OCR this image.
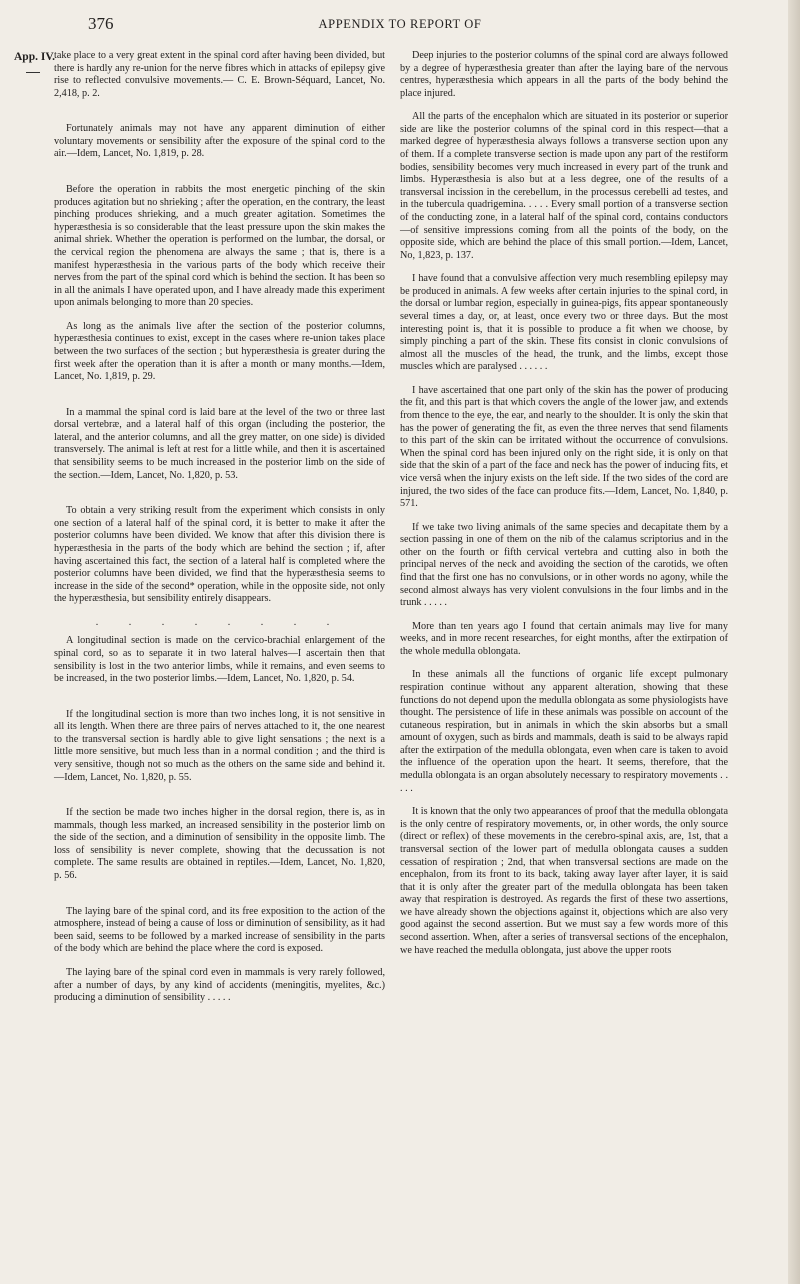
376	APPENDIX TO REPORT OF
App. IV.

take place to a very great extent in the spinal cord after having been divided, but there is hardly any re-union for the nerve fibres which in attacks of epilepsy give rise to reflected convulsive movements.— C. E. Brown-Séquard, Lancet, No. 2,418, p. 2.

Fortunately animals may not have any apparent diminution of either voluntary movements or sensibility after the exposure of the spinal cord to the air.—Idem, Lancet, No. 1,819, p. 28.

Before the operation in rabbits the most energetic pinching of the skin produces agitation but no shrieking ; after the operation, en the contrary, the least pinching produces shrieking, and a much greater agitation. Sometimes the hyperæsthesia is so considerable that the least pressure upon the skin makes the animal shriek. Whether the operation is performed on the lumbar, the dorsal, or the cervical region the phenomena are always the same ; that is, there is a manifest hyperæsthesia in the various parts of the body which receive their nerves from the part of the spinal cord which is behind the section. It has been so in all the animals I have operated upon, and I have already made this experiment upon animals belonging to more than 20 species.

As long as the animals live after the section of the posterior columns, hyperæsthesia continues to exist, except in the cases where re-union takes place between the two surfaces of the section ; but hyperæsthesia is greater during the first week after the operation than it is after a month or many months.—Idem, Lancet, No. 1,819, p. 29.

In a mammal the spinal cord is laid bare at the level of the two or three last dorsal vertebræ, and a lateral half of this organ (including the posterior, the lateral, and the anterior columns, and all the grey matter, on one side) is divided transversely. The animal is left at rest for a little while, and then it is ascertained that sensibility seems to be much increased in the posterior limb on the side of the section.—Idem, Lancet, No. 1,820, p. 53.

To obtain a very striking result from the experiment which consists in only one section of a lateral half of the spinal cord, it is better to make it after the posterior columns have been divided. We know that after this division there is hyperæsthesia in the parts of the body which are behind the section ; if, after having ascertained this fact, the section of a lateral half is completed where the posterior columns have been divided, we find that the hyperæsthesia seems to increase in the side of the second* operation, while in the opposite side, not only the hyperæsthesia, but sensibility entirely disappears.

. . . . . . . .

A longitudinal section is made on the cervico-brachial enlargement of the spinal cord, so as to separate it in two lateral halves—I ascertain then that sensibility is lost in the two anterior limbs, while it remains, and even seems to be increased, in the two posterior limbs.—Idem, Lancet, No. 1,820, p. 54.

If the longitudinal section is more than two inches long, it is not sensitive in all its length. When there are three pairs of nerves attached to it, the one nearest to the transversal section is hardly able to give light sensations ; the next is a little more sensitive, but much less than in a normal condition ; and the third is very sensitive, though not so much as the others on the same side and behind it. —Idem, Lancet, No. 1,820, p. 55.

If the section be made two inches higher in the dorsal region, there is, as in mammals, though less marked, an increased sensibility in the posterior limb on the side of the section, and a diminution of sensibility in the opposite limb. The loss of sensibility is never complete, showing that the decussation is not complete. The same results are obtained in reptiles.—Idem, Lancet, No. 1,820, p. 56.

The laying bare of the spinal cord, and its free exposition to the action of the atmosphere, instead of being a cause of loss or diminution of sensibility, as it had been said, seems to be followed by a marked increase of sensibility in the parts of the body which are behind the place where the cord is exposed.

The laying bare of the spinal cord even in mammals is very rarely followed, after a number of days, by any kind of accidents (meningitis, myelites, &c.) producing a diminution of sensibility . . . . .

Deep injuries to the posterior columns of the spinal cord are always followed by a degree of hyperæsthesia greater than after the laying bare of the nervous centres, hyperæsthesia which appears in all the parts of the body behind the place injured.

All the parts of the encephalon which are situated in its posterior or superior side are like the posterior columns of the spinal cord in this respect—that a marked degree of hyperæsthesia always follows a transverse section upon any of them. If a complete transverse section is made upon any part of the restiform bodies, sensibility becomes very much increased in every part of the trunk and limbs. Hyperæsthesia is also but at a less degree, one of the results of a transversal incission in the cerebellum, in the processus cerebelli ad testes, and in the tubercula quadrigemina. . . . . Every small portion of a transverse section of the conducting zone, in a lateral half of the spinal cord, contains conductors—of sensitive impressions coming from all the points of the body, on the opposite side, which are behind the place of this small portion.—Idem, Lancet, No, 1,823, p. 137.

I have found that a convulsive affection very much resembling epilepsy may be produced in animals. A few weeks after certain injuries to the spinal cord, in the dorsal or lumbar region, especially in guinea-pigs, fits appear spontaneously several times a day, or, at least, once every two or three days. But the most interesting point is, that it is possible to produce a fit when we choose, by simply pinching a part of the skin. These fits consist in clonic convulsions of almost all the muscles of the head, the trunk, and the limbs, except those muscles which are paralysed . . . . . .

I have ascertained that one part only of the skin has the power of producing the fit, and this part is that which covers the angle of the lower jaw, and extends from thence to the eye, the ear, and nearly to the shoulder. It is only the skin that has the power of generating the fit, as even the three nerves that send filaments to this part of the skin can be irritated without the occurrence of convulsions. When the spinal cord has been injured only on the right side, it is only on that side that the skin of a part of the face and neck has the power of inducing fits, et vice versâ when the injury exists on the left side. If the two sides of the cord are injured, the two sides of the face can produce fits.—Idem, Lancet, No. 1,840, p. 571.

If we take two living animals of the same species and decapitate them by a section passing in one of them on the nib of the calamus scriptorius and in the other on the fourth or fifth cervical vertebra and cutting also in both the principal nerves of the neck and avoiding the section of the carotids, we often find that the first one has no convulsions, or in other words no agony, while the second almost always has very violent convulsions in the four limbs and in the trunk . . . . .

More than ten years ago I found that certain animals may live for many weeks, and in more recent researches, for eight months, after the extirpation of the whole medulla oblongata.

In these animals all the functions of organic life except pulmonary respiration continue without any apparent alteration, showing that these functions do not depend upon the medulla oblongata as some physiologists have thought. The persistence of life in these animals was possible on account of the cutaneous respiration, but in animals in which the skin absorbs but a small amount of oxygen, such as birds and mammals, death is said to be always rapid after the extirpation of the medulla oblongata, even when care is taken to avoid the influence of the operation upon the heart. It seems, therefore, that the medulla oblongata is an organ absolutely necessary to respiratory movements . . . . .

It is known that the only two appearances of proof that the medulla oblongata is the only centre of respiratory movements, or, in other words, the only source (direct or reflex) of these movements in the cerebro-spinal axis, are, 1st, that a transversal section of the lower part of medulla oblongata causes a sudden cessation of respiration ; 2nd, that when transversal sections are made on the encephalon, from its front to its back, taking away layer after layer, it is said that it is only after the greater part of the medulla oblongata has been taken away that respiration is destroyed. As regards the first of these two assertions, we have already shown the objections against it, objections which are also very good against the second assertion. But we must say a few words more of this second assertion. When, after a series of transversal sections of the encephalon, we have reached the medulla oblongata, just above the upper roots
